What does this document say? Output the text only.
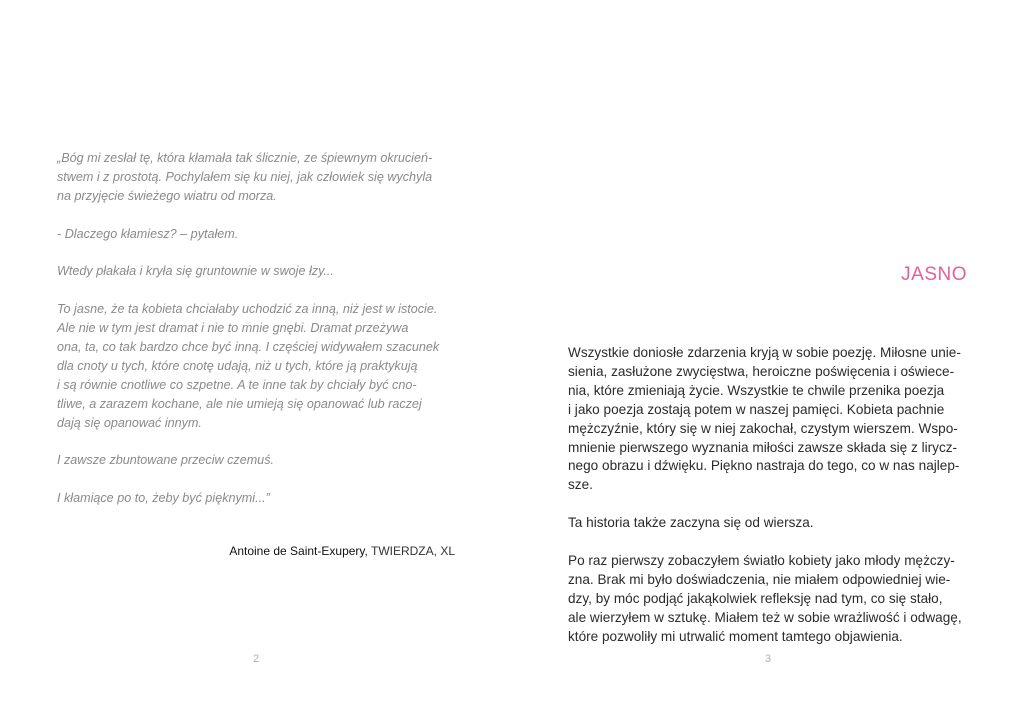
„Bóg mi zesłał tę, która kłamała tak ślicznie, ze śpiewnym okrucień-
stwem i z prostotą. Pochylałem się ku niej, jak człowiek się wychyla
na przyjęcie świeżego wiatru od morza.

- Dlaczego kłamiesz? – pytałem.

Wtedy płakała i kryła się gruntownie w swoje łzy...

To jasne, że ta kobieta chciałaby uchodzić za inną, niż jest w istocie.
Ale nie w tym jest dramat i nie to mnie gnębi. Dramat przeżywa
ona, ta, co tak bardzo chce być inną. I częściej widywałem szacunek
dla cnoty u tych, które cnotę udają, niż u tych, które ją praktykują
i są równie cnotliwe co szpetne. A te inne tak by chciały być cno-
tliwe, a zarazem kochane, ale nie umieją się opanować lub raczej
dają się opanować innym.

I zawsze zbuntowane przeciw czemuś.

I kłamiące po to, żeby być pięknymi...”

Antoine de Saint-Exupery, TWIERDZA, XL
2
JASNO

Wszystkie doniosłe zdarzenia kryją w sobie poezję. Miłosne unie-
sienia, zasłużone zwycięstwa, heroiczne poświęcenia i oświece-
nia, które zmieniają życie. Wszystkie te chwile przenika poezja
i jako poezja zostają potem w naszej pamięci. Kobieta pachnie
mężczyźnie, który się w niej zakochał, czystym wierszem. Wspo-
mnienie pierwszego wyznania miłości zawsze składa się z lirycz-
nego obrazu i dźwięku. Piękno nastraja do tego, co w nas najlep-
sze.

Ta historia także zaczyna się od wiersza.

Po raz pierwszy zobaczyłem światło kobiety jako młody mężczy-
zna. Brak mi było doświadczenia, nie miałem odpowiedniej wie-
dzy, by móc podjąć jakąkolwiek refleksję nad tym, co się stało,
ale wierzyłem w sztukę. Miałem też w sobie wrażliwość i odwagę,
które pozwoliły mi utrwalić moment tamtego objawienia.

3
